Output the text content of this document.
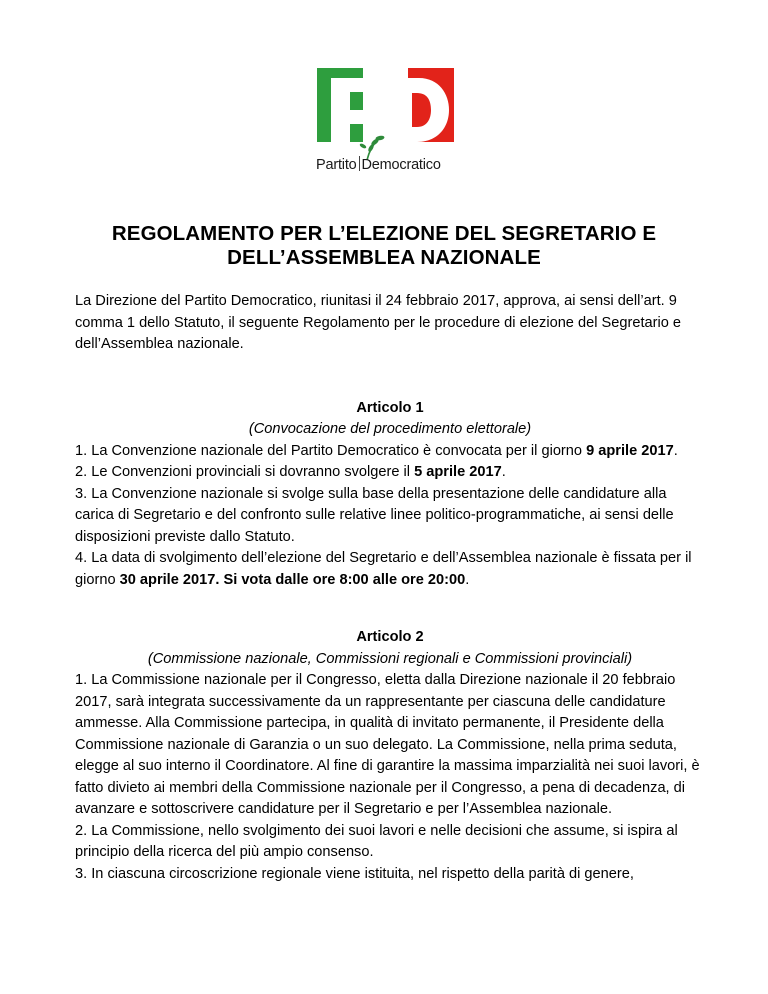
Partito Democratico
REGOLAMENTO PER L’ELEZIONE DEL SEGRETARIO E
DELL’ASSEMBLEA NAZIONALE

La Direzione del Partito Democratico, riunitasi il 24 febbraio 2017, approva, ai sensi dell’art. 9 comma 1 dello Statuto, il seguente Regolamento per le procedure di elezione del Segretario e dell’Assemblea nazionale.

Articolo 1
(Convocazione del procedimento elettorale)

1. La Convenzione nazionale del Partito Democratico è convocata per il giorno 9 aprile 2017.

2. Le Convenzioni provinciali si dovranno svolgere il 5 aprile 2017.

3. La Convenzione nazionale si svolge sulla base della presentazione delle candidature alla carica di Segretario e del confronto sulle relative linee politico-programmatiche, ai sensi delle disposizioni previste dallo Statuto.

4. La data di svolgimento dell’elezione del Segretario e dell’Assemblea nazionale è fissata per il giorno 30 aprile 2017. Si vota dalle ore 8:00 alle ore 20:00.

Articolo 2
(Commissione nazionale, Commissioni regionali e Commissioni provinciali)

1. La Commissione nazionale per il Congresso, eletta dalla Direzione nazionale il 20 febbraio 2017, sarà integrata successivamente da un rappresentante per ciascuna delle candidature ammesse. Alla Commissione partecipa, in qualità di invitato permanente, il Presidente della Commissione nazionale di Garanzia o un suo delegato. La Commissione, nella prima seduta, elegge al suo interno il Coordinatore. Al fine di garantire la massima imparzialità nei suoi lavori, è fatto divieto ai membri della Commissione nazionale per il Congresso, a pena di decadenza, di avanzare e sottoscrivere candidature per il Segretario e per l’Assemblea nazionale.

2. La Commissione, nello svolgimento dei suoi lavori e nelle decisioni che assume, si ispira al principio della ricerca del più ampio consenso.

3. In ciascuna circoscrizione regionale viene istituita, nel rispetto della parità di genere,
